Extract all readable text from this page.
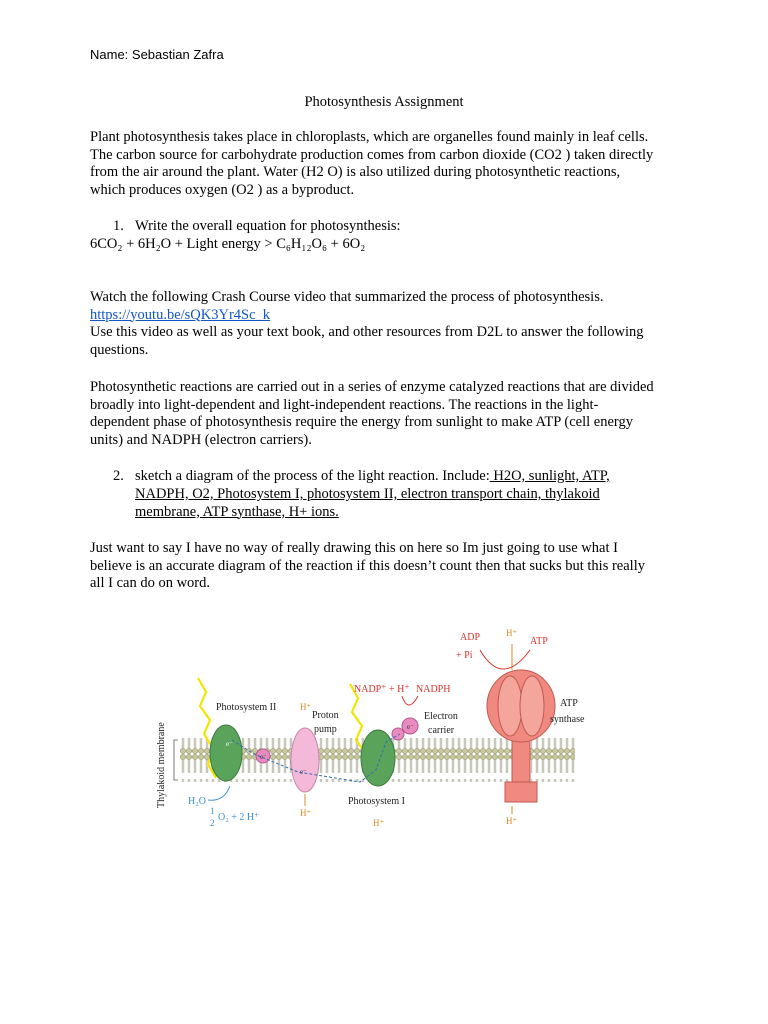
Name: Sebastian Zafra
Photosynthesis Assignment
Plant photosynthesis takes place in chloroplasts, which are organelles found mainly in leaf cells.
The carbon source for carbohydrate production comes from carbon dioxide (CO2 ) taken directly
from the air around the plant. Water (H2 O) is also utilized during photosynthetic reactions,
which produces oxygen (O2 ) as a byproduct.
1. Write the overall equation for photosynthesis:
6CO₂ + 6H₂O + Light energy > C₆H₁₂O₆ + 6O₂
Watch the following Crash Course video that summarized the process of photosynthesis.
https://youtu.be/sQK3Yr4Sc_k
Use this video as well as your text book, and other resources from D2L to answer the following
questions.
Photosynthetic reactions are carried out in a series of enzyme catalyzed reactions that are divided
broadly into light-dependent and light-independent reactions. The reactions in the light-
dependent phase of photosynthesis require the energy from sunlight to make ATP (cell energy
units) and NADPH (electron carriers).
2. sketch a diagram of the process of the light reaction. Include: H2O, sunlight, ATP,
NADPH, O2, Photosystem I, photosystem II, electron transport chain, thylakoid
membrane, ATP synthase, H+ ions.
Just want to say I have no way of really drawing this on here so Im just going to use what I
believe is an accurate diagram of the reaction if this doesn’t count then that sucks but this really
all I can do on word.
Thylakoid membrane
Photosystem II
e⁻
e⁻
H⁺
Proton
pump
e⁻
H⁺
Photosystem I
H⁺
e⁻
Electron
carrier
NADP⁺ + H⁺ NADPH
ATP
synthase
H⁺
H⁺
ADP
+ Pi
ATP
H₂O
1
2 O₂ + 2 H⁺
